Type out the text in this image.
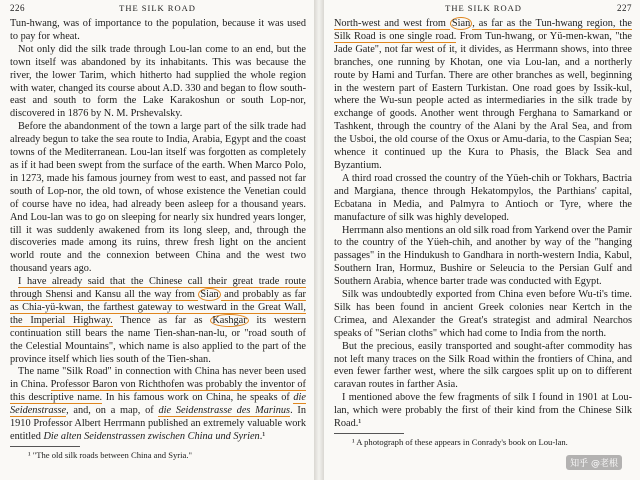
226	THE SILK ROAD

Tun-hwang, was of importance to the population, because it was used to pay for wheat.

Not only did the silk trade through Lou-lan come to an end, but the town itself was abandoned by its inhabitants. This was because the river, the lower Tarim, which hitherto had supplied the whole region with water, changed its course about A.D. 330 and began to flow south-east and south to form the Lake Karakoshun or south Lop-nor, discovered in 1876 by N. M. Prshevalsky.

Before the abandonment of the town a large part of the silk trade had already begun to take the sea route to India, Arabia, Egypt and the coast towns of the Mediterranean. Lou-lan itself was forgotten as completely as if it had been swept from the surface of the earth. When Marco Polo, in 1273, made his famous journey from west to east, and passed not far south of Lop-nor, the old town, of whose existence the Venetian could of course have no idea, had already been asleep for a thousand years. And Lou-lan was to go on sleeping for nearly six hundred years longer, till it was suddenly awakened from its long sleep, and, through the discoveries made among its ruins, threw fresh light on the ancient world route and the connexion between China and the west two thousand years ago.

I have already said that the Chinese call their great trade route through Shensi and Kansu all the way from Sian and probably as far as Chia-yü-kwan, the farthest gateway to westward in the Great Wall, the Imperial Highway. Thence as far as Kashgar its western continuation still bears the name Tien-shan-nan-lu, or "road south of the Celestial Mountains", which name is also applied to the part of the province itself which lies south of the Tien-shan.

The name "Silk Road" in connection with China has never been used in China. Professor Baron von Richthofen was probably the inventor of this descriptive name. In his famous work on China, he speaks of die Seidenstrasse, and, on a map, of die Seidenstrasse des Marinus. In 1910 Professor Albert Herrmann published an extremely valuable work entitled Die alten Seidenstrassen zwischen China und Syrien.¹

¹ "The old silk roads between China and Syria."
THE SILK ROAD	227

North-west and west from Sian , as far as the Tun-hwang region, the Silk Road is one single road. From Tun-hwang, or Yü-men-kwan, "the Jade Gate", not far west of it, it divides, as Herrmann shows, into three branches, one running by Khotan, one via Lou-lan, and a northerly route by Hami and Turfan. There are other branches as well, beginning in the western part of Eastern Turkistan. One road goes by Issik-kul, where the Wu-sun people acted as intermediaries in the silk trade by exchange of goods. Another went through Ferghana to Samarkand or Tashkent, through the country of the Alani by the Aral Sea, and from the Usboi, the old course of the Oxus or Amu-daria, to the Caspian Sea; whence it continued up the Kura to Phasis, the Black Sea and Byzantium.

A third road crossed the country of the Yüeh-chih or Tokhars, Bactria and Margiana, thence through Hekatompylos, the Parthians' capital, Ecbatana in Media, and Palmyra to Antioch or Tyre, where the manufacture of silk was highly developed.

Herrmann also mentions an old silk road from Yarkend over the Pamir to the country of the Yüeh-chih, and another by way of the "hanging passages" in the Hindukush to Gandhara in north-western India, Kabul, Southern Iran, Hormuz, Bushire or Seleucia to the Persian Gulf and Southern Arabia, whence barter trade was conducted with Egypt.

Silk was undoubtedly exported from China even before Wu-ti's time. Silk has been found in ancient Greek colonies near Kertch in the Crimea, and Alexander the Great's strategist and admiral Nearchos speaks of "Serian cloths" which had come to India from the north.

But the precious, easily transported and sought-after commodity has not left many traces on the Silk Road within the frontiers of China, and even fewer farther west, where the silk cargoes split up on to different caravan routes in farther Asia.

I mentioned above the few fragments of silk I found in 1901 at Lou-lan, which were probably the first of their kind from the Chinese Silk Road.¹

¹ A photograph of these appears in Conrady's book on Lou-lan.
知乎 @老根
